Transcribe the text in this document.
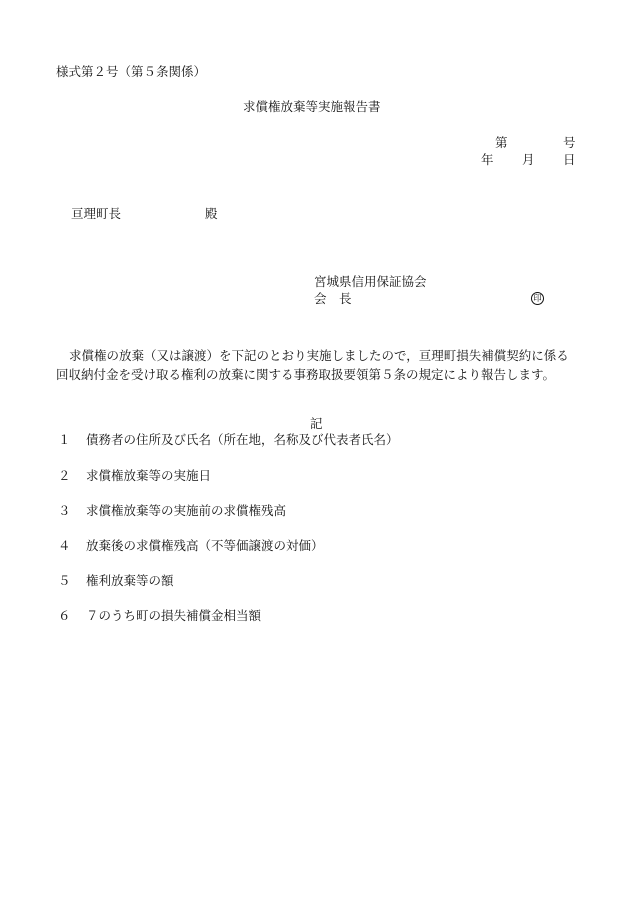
様式第２号（第５条関係）
求償権放棄等実施報告書
第	号
年 月 日
亘理町長	殿
宮城県信用保証協会
会　長	印
求償権の放棄（又は譲渡）を下記のとおり実施しましたので，亘理町損失補償契約に係る回収納付金を受け取る権利の放棄に関する事務取扱要領第５条の規定により報告します。
記
１ 債務者の住所及び氏名（所在地，名称及び代表者氏名）
２ 求償権放棄等の実施日
３ 求償権放棄等の実施前の求償権残高
４ 放棄後の求償権残高（不等価譲渡の対価）
５ 権利放棄等の額
６ ７のうち町の損失補償金相当額
